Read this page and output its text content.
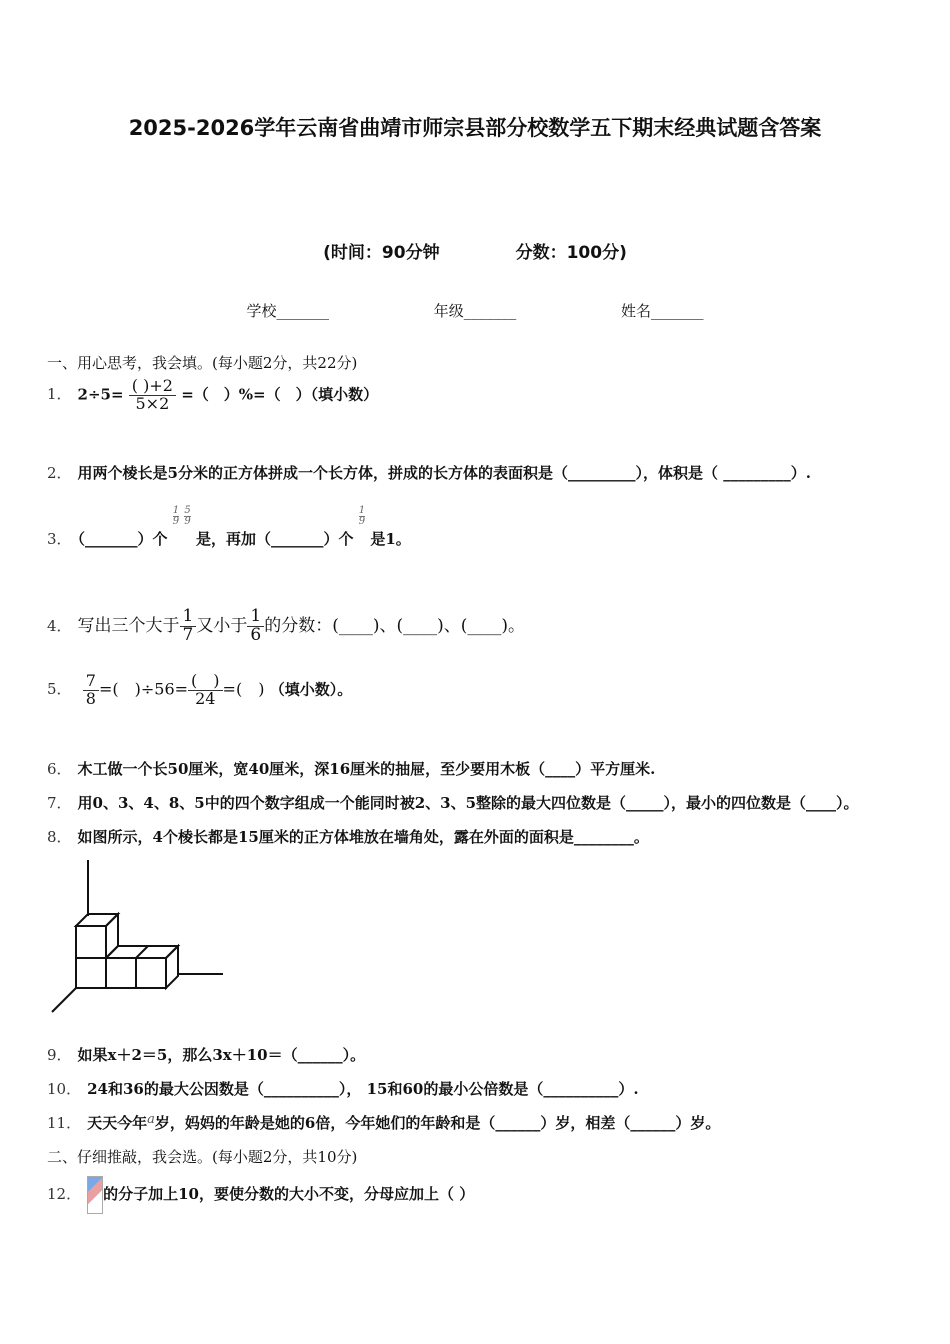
2025-2026学年云南省曲靖市师宗县部分校数学五下期末经典试题含答案
(时间：90分钟	分数：100分)
学校_______	年级_______	姓名_______
一、用心思考，我会填。(每小题2分，共22分)
1． $2\div 5= \frac{( )+2}{5\times 2}$ =（　）%=（　）（填小数）
2． 用两个棱长是5分米的正方体拼成一个长方体，拼成的长方体的表面积是（_________），体积是（ _________）.
3． （_______）个 $\frac{1}{9} \frac{5}{9}$
是，再加（_______）个 $\frac{1}{9}$
是1。
4． 写出三个大于 $\frac{1}{7}$ 又小于 $\frac{1}{6}$ 的分数：(____)、(____)、(____)。
5． $\frac{7}{8}$ =(　)$\div 56= \frac{( )}{24}$ =(　) （填小数）。
6． 木工做一个长50厘米，宽40厘米，深16厘米的抽屉，至少要用木板（____）平方厘米.
7． 用0、3、4、8、5中的四个数字组成一个能同时被2、3、5整除的最大四位数是（_____），最小的四位数是（____）。
8． 如图所示，4个棱长都是15厘米的正方体堆放在墙角处，露在外面的面积是________。
9． 如果x＋2＝5，那么3x＋10＝（______）。
10． 24和36的最大公因数是（__________）， 15和60的最小公倍数是（__________）.
11． 天天今年a岁，妈妈的年龄是她的6倍，今年她们的年龄和是（______）岁，相差（______）岁。
二、仔细推敲，我会选。(每小题2分，共10分)
12． 的分子加上10，要使分数的大小不变，分母应加上（ ）
